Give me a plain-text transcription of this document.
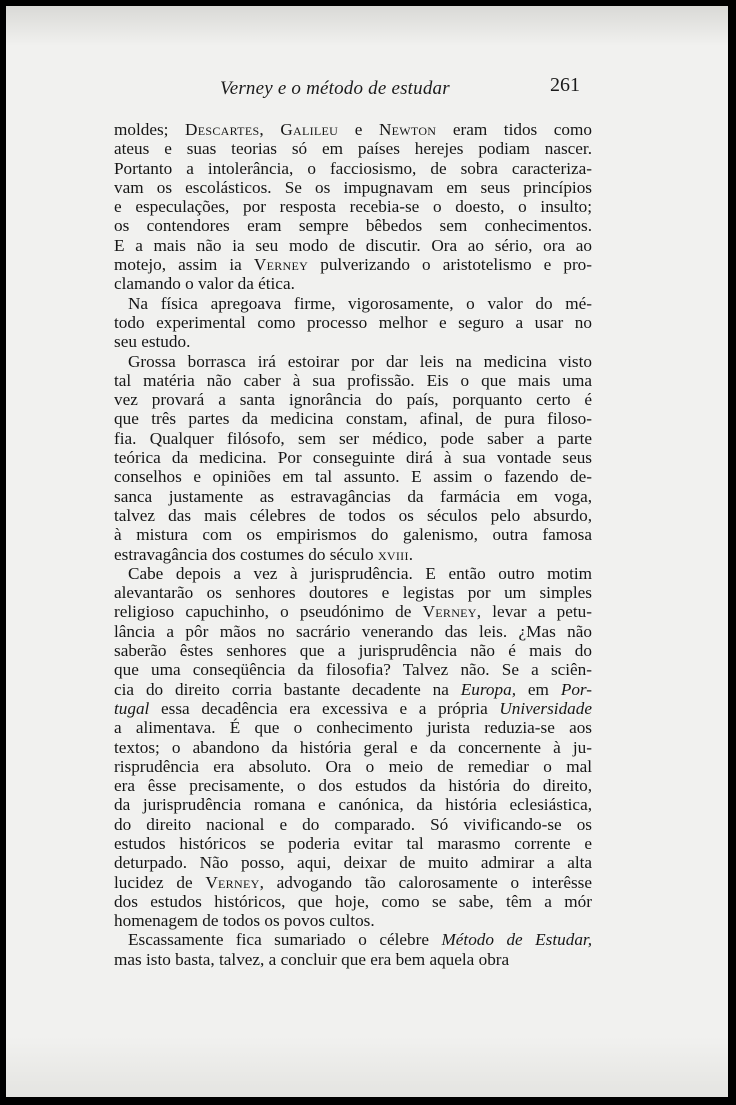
Verney e o método de estudar	261
moldes; Descartes, Galileu e Newton eram tidos como
ateus e suas teorias só em países herejes podiam nascer.
Portanto a intolerância, o facciosismo, de sobra caracteriza-
vam os escolásticos. Se os impugnavam em seus princípios
e especulações, por resposta recebia-se o doesto, o insulto;
os contendores eram sempre bêbedos sem conhecimentos.
E a mais não ia seu modo de discutir. Ora ao sério, ora ao
motejo, assim ia Verney pulverizando o aristotelismo e pro-
clamando o valor da ética.
Na física apregoava firme, vigorosamente, o valor do mé-
todo experimental como processo melhor e seguro a usar no
seu estudo.
Grossa borrasca irá estoirar por dar leis na medicina visto
tal matéria não caber à sua profissão. Eis o que mais uma
vez provará a santa ignorância do país, porquanto certo é
que três partes da medicina constam, afinal, de pura filoso-
fia. Qualquer filósofo, sem ser médico, pode saber a parte
teórica da medicina. Por conseguinte dirá à sua vontade seus
conselhos e opiniões em tal assunto. E assim o fazendo de-
sanca justamente as estravagâncias da farmácia em voga,
talvez das mais célebres de todos os séculos pelo absurdo,
à mistura com os empirismos do galenismo, outra famosa
estravagância dos costumes do século xviii.
Cabe depois a vez à jurisprudência. E então outro motim
alevantarão os senhores doutores e legistas por um simples
religioso capuchinho, o pseudónimo de Verney, levar a petu-
lância a pôr mãos no sacrário venerando das leis. ¿Mas não
saberão êstes senhores que a jurisprudência não é mais do
que uma conseqüência da filosofia? Talvez não. Se a sciên-
cia do direito corria bastante decadente na Europa, em Por-
tugal essa decadência era excessiva e a própria Universidade
a alimentava. É que o conhecimento jurista reduzia-se aos
textos; o abandono da história geral e da concernente à ju-
risprudência era absoluto. Ora o meio de remediar o mal
era êsse precisamente, o dos estudos da história do direito,
da jurisprudência romana e canónica, da história eclesiástica,
do direito nacional e do comparado. Só vivificando-se os
estudos históricos se poderia evitar tal marasmo corrente e
deturpado. Não posso, aqui, deixar de muito admirar a alta
lucidez de Verney, advogando tão calorosamente o interêsse
dos estudos históricos, que hoje, como se sabe, têm a mór
homenagem de todos os povos cultos.
Escassamente fica sumariado o célebre Método de Estudar,
mas isto basta, talvez, a concluir que era bem aquela obra
